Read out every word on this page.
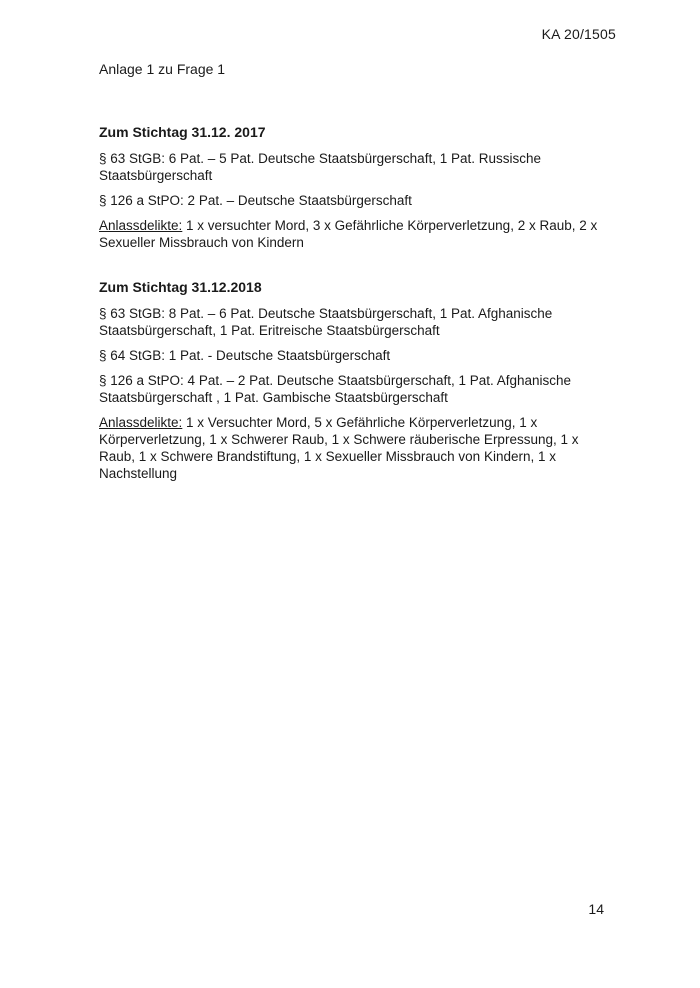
KA 20/1505
Anlage 1 zu Frage 1

Zum Stichtag 31.12. 2017

§ 63 StGB: 6 Pat. – 5 Pat. Deutsche Staatsbürgerschaft, 1 Pat. Russische Staatsbürgerschaft

§ 126 a StPO: 2 Pat. – Deutsche Staatsbürgerschaft

Anlassdelikte: 1 x versuchter Mord, 3 x Gefährliche Körperverletzung, 2 x Raub, 2 x Sexueller Missbrauch von Kindern

Zum Stichtag 31.12.2018

§ 63 StGB: 8 Pat. – 6 Pat. Deutsche Staatsbürgerschaft, 1 Pat. Afghanische Staatsbürgerschaft, 1 Pat. Eritreische Staatsbürgerschaft

§ 64 StGB: 1 Pat. - Deutsche Staatsbürgerschaft

§ 126 a StPO: 4 Pat. – 2 Pat. Deutsche Staatsbürgerschaft, 1 Pat. Afghanische Staatsbürgerschaft , 1 Pat. Gambische Staatsbürgerschaft

Anlassdelikte: 1 x Versuchter Mord, 5 x Gefährliche Körperverletzung, 1 x Körperverletzung, 1 x Schwerer Raub, 1 x Schwere räuberische Erpressung, 1 x Raub, 1 x Schwere Brandstiftung, 1 x Sexueller Missbrauch von Kindern, 1 x Nachstellung

14
